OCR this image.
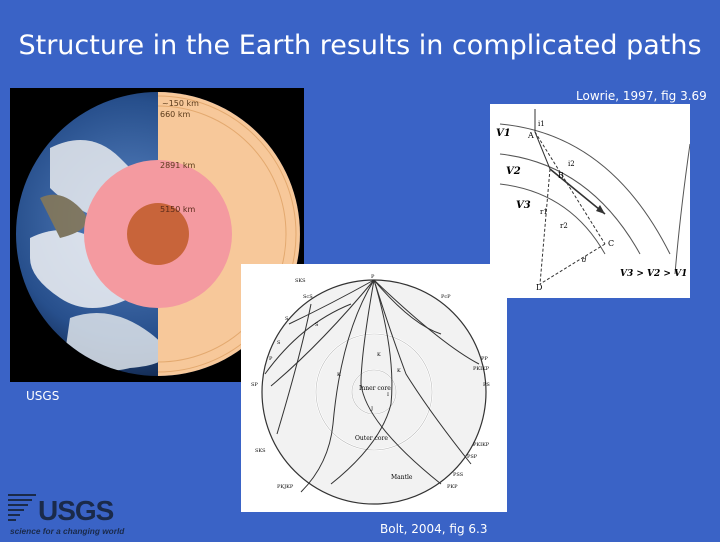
Structure in the Earth results in complicated paths
~150 km
660 km
2891 km
5150 km
USGS
V1
V2
V3
A
B
C
D
i1
r1
r2
i2
d
V3 > V2 > V1
Lowrie, 1997, fig 3.69
Inner core
Outer core
Mantle
SKS
ScS
S
S
P
SP
SKS
PKJKP
PcP
PP
PKIKP
PS
PKIKP
PSP
PSS
PKP
P
S
K
K
I
J
K
Bolt, 2004, fig 6.3
USGS
science for a changing world
